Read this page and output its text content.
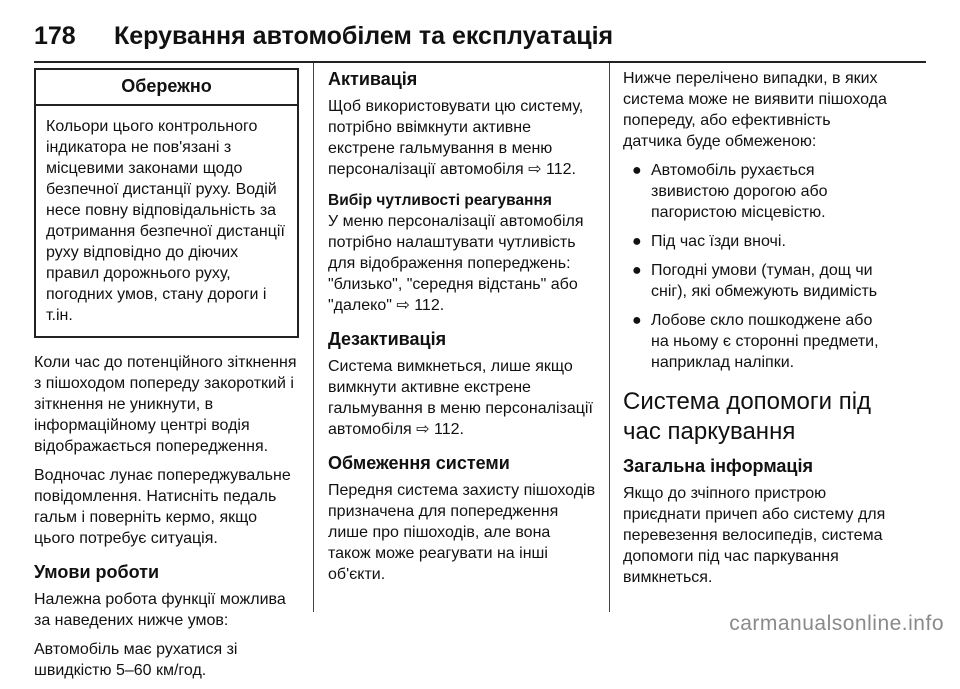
178 Керування автомобілем та експлуатація
Обережно
Кольори цього контрольного індикатора не пов'язані з місцевими законами щодо безпечної дистанції руху. Водій несе повну відповідальність за дотримання безпечної дистанції руху відповідно до діючих правил дорожнього руху, погодних умов, стану дороги і т.ін.

Коли час до потенційного зіткнення з пішоходом попереду закороткий і зіткнення не уникнути, в інформаційному центрі водія відображається попередження.

Водночас лунає попереджувальне повідомлення. Натисніть педаль гальм і поверніть кермо, якщо цього потребує ситуація.

Умови роботи

Належна робота функції можлива за наведених нижче умов:

Автомобіль має рухатися зі швидкістю 5–60 км/год.

Активація

Щоб використовувати цю систему, потрібно ввімкнути активне екстрене гальмування в меню персоналізації автомобіля ⇨ 112.

Вибір чутливості реагування

У меню персоналізації автомобіля потрібно налаштувати чутливість для відображення попереджень: "близько", "середня відстань" або "далеко" ⇨ 112.

Дезактивація

Система вимкнеться, лише якщо вимкнути активне екстрене гальмування в меню персоналізації автомобіля ⇨ 112.

Обмеження системи

Передня система захисту пішоходів призначена для попередження лише про пішоходів, але вона також може реагувати на інші об'єкти.

Нижче перелічено випадки, в яких система може не виявити пішохода попереду, або ефективність датчика буде обмеженою:

● Автомобіль рухається звивистою дорогою або пагористою місцевістю.
● Під час їзди вночі.
● Погодні умови (туман, дощ чи сніг), які обмежують видимість
● Лобове скло пошкоджене або на ньому є сторонні предмети, наприклад наліпки.
Система допомоги під час паркування
Загальна інформація

Якщо до зчіпного пристрою приєднати причеп або систему для перевезення велосипедів, система допомоги під час паркування вимкнеться.

carmanualsonline.info
